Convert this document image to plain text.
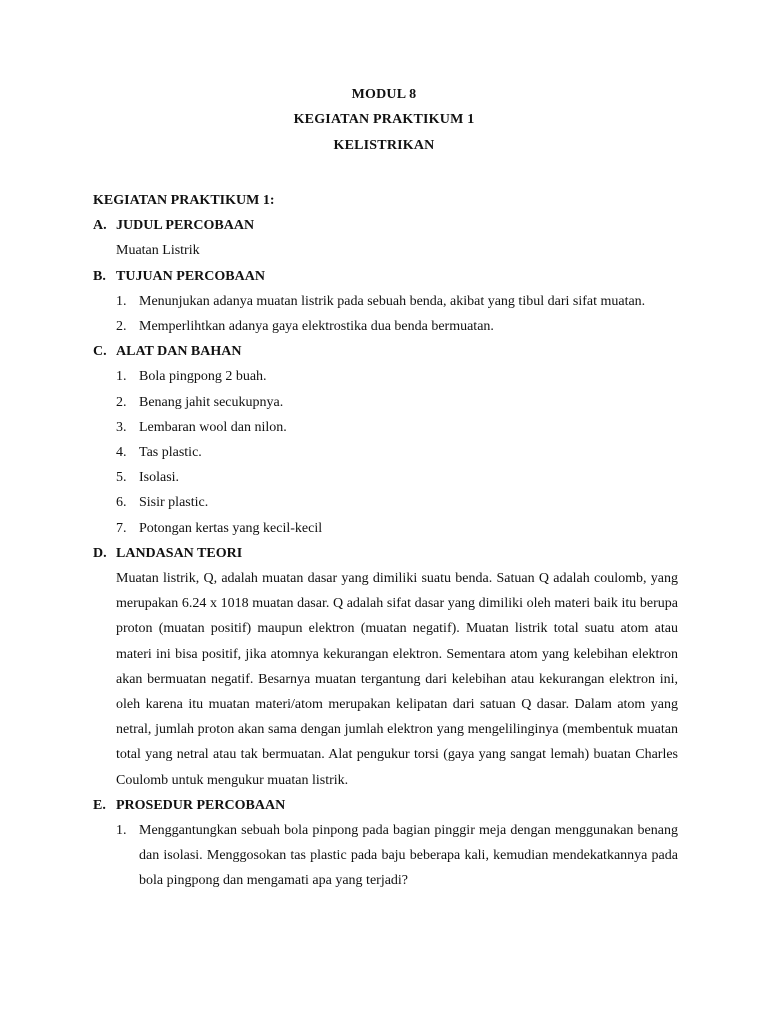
MODUL 8
KEGIATAN PRAKTIKUM 1
KELISTRIKAN
KEGIATAN PRAKTIKUM 1:
A. JUDUL PERCOBAAN
Muatan Listrik
B. TUJUAN PERCOBAAN
1. Menunjukan adanya muatan listrik pada sebuah benda, akibat yang tibul dari sifat muatan.
2. Memperlihtkan adanya gaya elektrostika dua benda bermuatan.
C. ALAT DAN BAHAN
1. Bola pingpong 2 buah.
2. Benang jahit secukupnya.
3. Lembaran wool dan nilon.
4. Tas plastic.
5. Isolasi.
6. Sisir plastic.
7. Potongan kertas yang kecil-kecil
D. LANDASAN TEORI

Muatan listrik, Q, adalah muatan dasar yang dimiliki suatu benda. Satuan Q adalah coulomb, yang merupakan 6.24 x 1018 muatan dasar. Q adalah sifat dasar yang dimiliki oleh materi baik itu berupa proton (muatan positif) maupun elektron (muatan negatif). Muatan listrik total suatu atom atau materi ini bisa positif, jika atomnya kekurangan elektron. Sementara atom yang kelebihan elektron akan bermuatan negatif. Besarnya muatan tergantung dari kelebihan atau kekurangan elektron ini, oleh karena itu muatan materi/atom merupakan kelipatan dari satuan Q dasar. Dalam atom yang netral, jumlah proton akan sama dengan jumlah elektron yang mengelilinginya (membentuk muatan total yang netral atau tak bermuatan. Alat pengukur torsi (gaya yang sangat lemah) buatan Charles Coulomb untuk mengukur muatan listrik.

E. PROSEDUR PERCOBAAN
1. Menggantungkan sebuah bola pinpong pada bagian pinggir meja dengan menggunakan benang dan isolasi. Menggosokan tas plastic pada baju beberapa kali, kemudian mendekatkannya pada bola pingpong dan mengamati apa yang terjadi?
